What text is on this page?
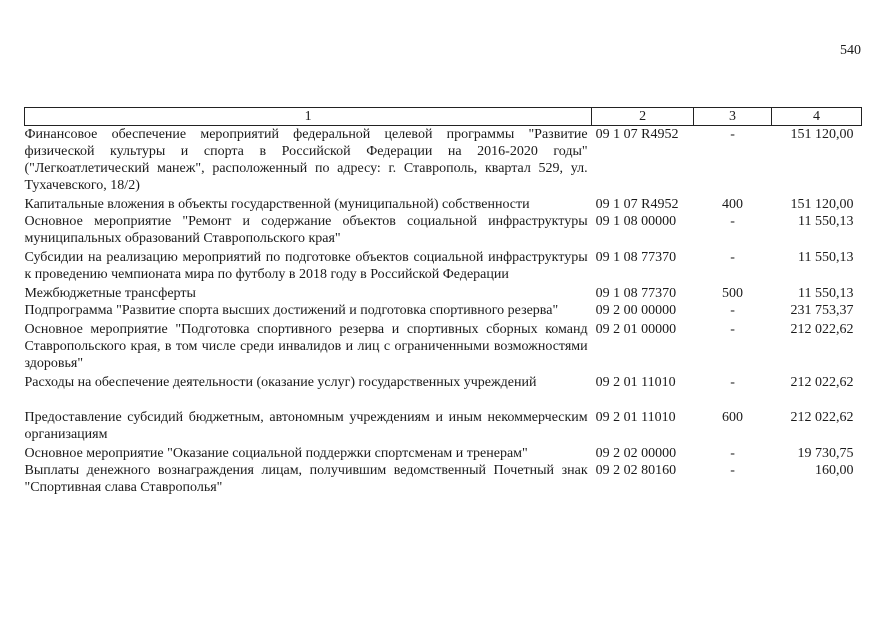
540
1	2	3	4
Финансовое обеспечение мероприятий федеральной целевой программы "Развитие физической культуры и спорта в Российской Федерации на 2016-2020 годы" ("Легкоатлетический манеж", расположенный по адресу: г. Ставрополь, квартал 529, ул. Тухачевского, 18/2)	09 1 07 R4952	-	151 120,00
Капитальные вложения в объекты государственной (муниципальной) собственности	09 1 07 R4952	400	151 120,00
Основное мероприятие "Ремонт и содержание объектов социальной инфраструктуры муниципальных образований Ставропольского края"	09 1 08 00000	-	11 550,13
Субсидии на реализацию мероприятий по подготовке объектов социальной инфраструктуры к проведению чемпионата мира по футболу в 2018 году в Российской Федерации	09 1 08 77370	-	11 550,13
Межбюджетные трансферты	09 1 08 77370	500	11 550,13
Подпрограмма "Развитие спорта высших достижений и подготовка спортивного резерва"	09 2 00 00000	-	231 753,37
Основное мероприятие "Подготовка спортивного резерва и спортивных сборных команд Ставропольского края, в том числе среди инвалидов и лиц с ограниченными возможностями здоровья"	09 2 01 00000	-	212 022,62
Расходы на обеспечение деятельности (оказание услуг) государственных учреждений	09 2 01 11010	-	212 022,62
Предоставление субсидий бюджетным, автономным учреждениям и иным некоммерческим организациям	09 2 01 11010	600	212 022,62
Основное мероприятие "Оказание социальной поддержки спортсменам и тренерам"	09 2 02 00000	-	19 730,75
Выплаты денежного вознаграждения лицам, получившим ведомственный Почетный знак "Спортивная слава Ставрополья"	09 2 02 80160	-	160,00
